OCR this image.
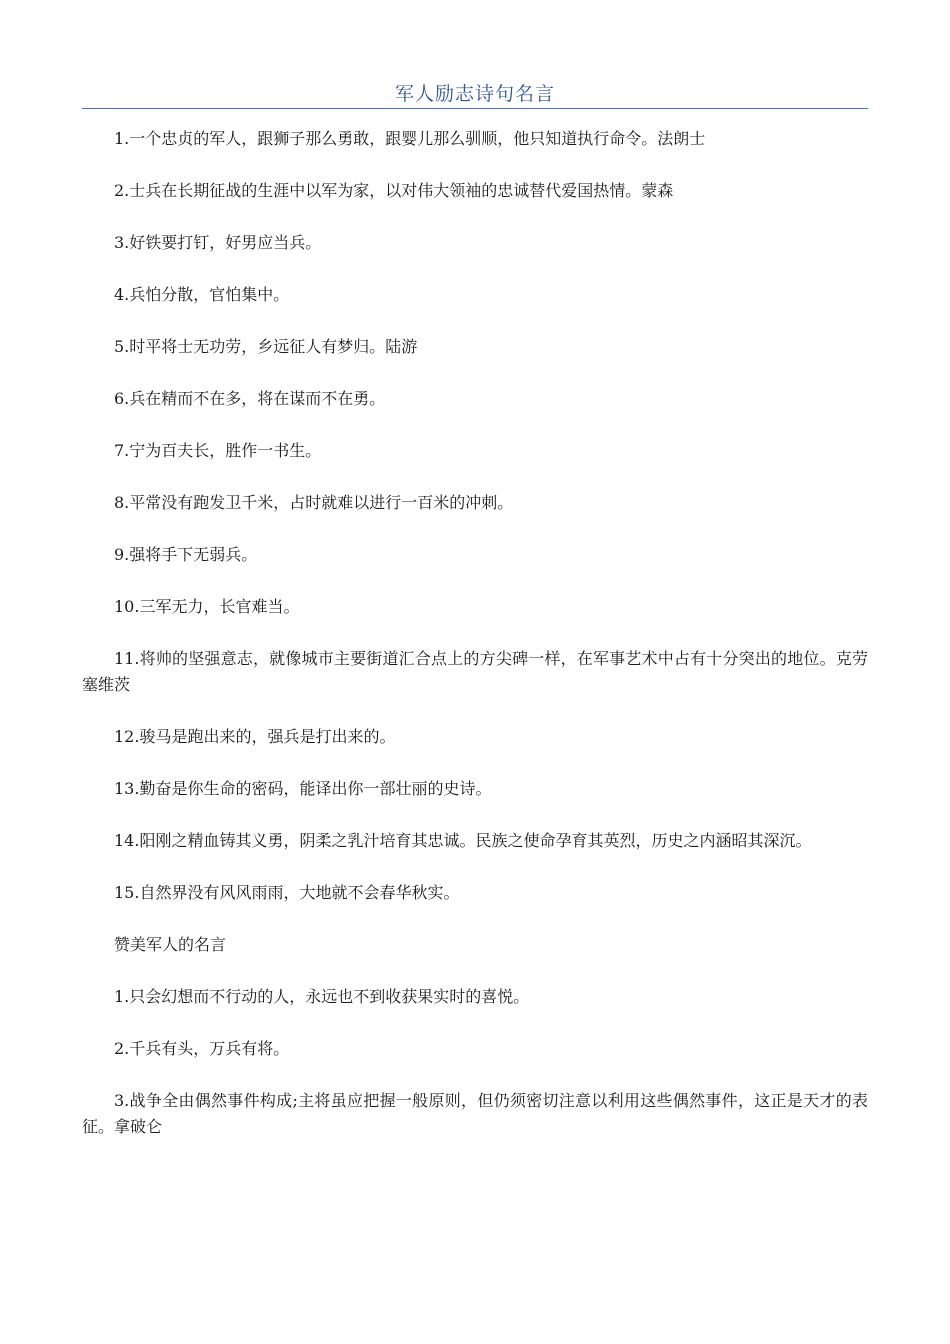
军人励志诗句名言

1.一个忠贞的军人，跟狮子那么勇敢，跟婴儿那么驯顺，他只知道执行命令。法朗士

2.士兵在长期征战的生涯中以军为家，以对伟大领袖的忠诚替代爱国热情。蒙森

3.好铁要打钉，好男应当兵。

4.兵怕分散，官怕集中。

5.时平将士无功劳，乡远征人有梦归。陆游

6.兵在精而不在多，将在谋而不在勇。

7.宁为百夫长，胜作一书生。

8.平常没有跑发卫千米，占时就难以进行一百米的冲刺。

9.强将手下无弱兵。

10.三军无力，长官难当。

11.将帅的坚强意志，就像城市主要街道汇合点上的方尖碑一样，在军事艺术中占有十分突出的地位。克劳塞维茨

12.骏马是跑出来的，强兵是打出来的。

13.勤奋是你生命的密码，能译出你一部壮丽的史诗。

14.阳刚之精血铸其义勇，阴柔之乳汁培育其忠诚。民族之使命孕育其英烈，历史之内涵昭其深沉。

15.自然界没有风风雨雨，大地就不会春华秋实。

赞美军人的名言

1.只会幻想而不行动的人，永远也不到收获果实时的喜悦。

2.千兵有头，万兵有将。

3.战争全由偶然事件构成;主将虽应把握一般原则，但仍须密切注意以利用这些偶然事件，这正是天才的表征。拿破仑
